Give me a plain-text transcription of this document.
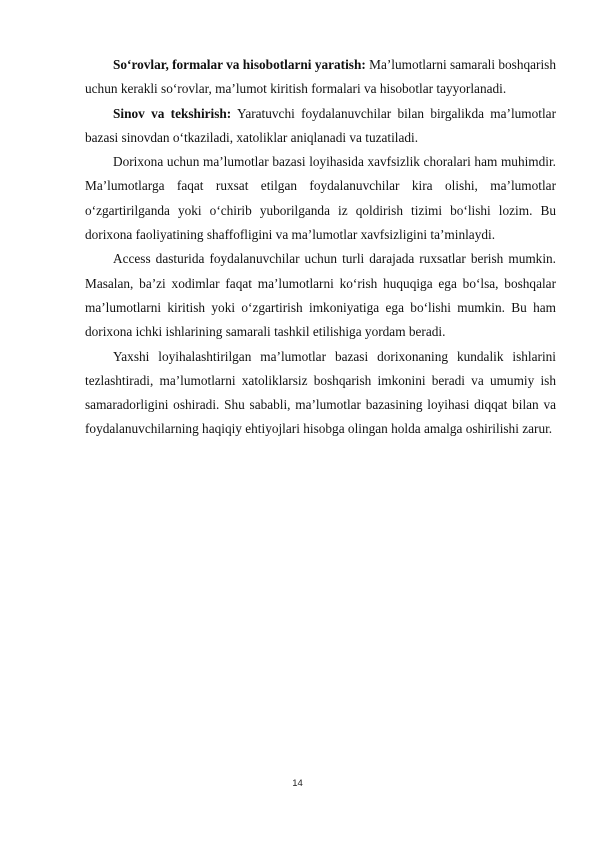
So‘rovlar, formalar va hisobotlarni yaratish: Ma’lumotlarni samarali boshqarish uchun kerakli so‘rovlar, ma’lumot kiritish formalari va hisobotlar tayyorlanadi.

Sinov va tekshirish: Yaratuvchi foydalanuvchilar bilan birgalikda ma’lumotlar bazasi sinovdan o‘tkaziladi, xatoliklar aniqlanadi va tuzatiladi.

Dorixona uchun ma’lumotlar bazasi loyihasida xavfsizlik choralari ham muhimdir. Ma’lumotlarga faqat ruxsat etilgan foydalanuvchilar kira olishi, ma’lumotlar o‘zgartirilganda yoki o‘chirib yuborilganda iz qoldirish tizimi bo‘lishi lozim. Bu dorixona faoliyatining shaffofligini va ma’lumotlar xavfsizligini ta’minlaydi.

Access dasturida foydalanuvchilar uchun turli darajada ruxsatlar berish mumkin. Masalan, ba’zi xodimlar faqat ma’lumotlarni ko‘rish huquqiga ega bo‘lsa, boshqalar ma’lumotlarni kiritish yoki o‘zgartirish imkoniyatiga ega bo‘lishi mumkin. Bu ham dorixona ichki ishlarining samarali tashkil etilishiga yordam beradi.

Yaxshi loyihalashtirilgan ma’lumotlar bazasi dorixonaning kundalik ishlarini tezlashtiradi, ma’lumotlarni xatoliklarsiz boshqarish imkonini beradi va umumiy ish samaradorligini oshiradi. Shu sababli, ma’lumotlar bazasining loyihasi diqqat bilan va foydalanuvchilarning haqiqiy ehtiyojlari hisobga olingan holda amalga oshirilishi zarur.

14
